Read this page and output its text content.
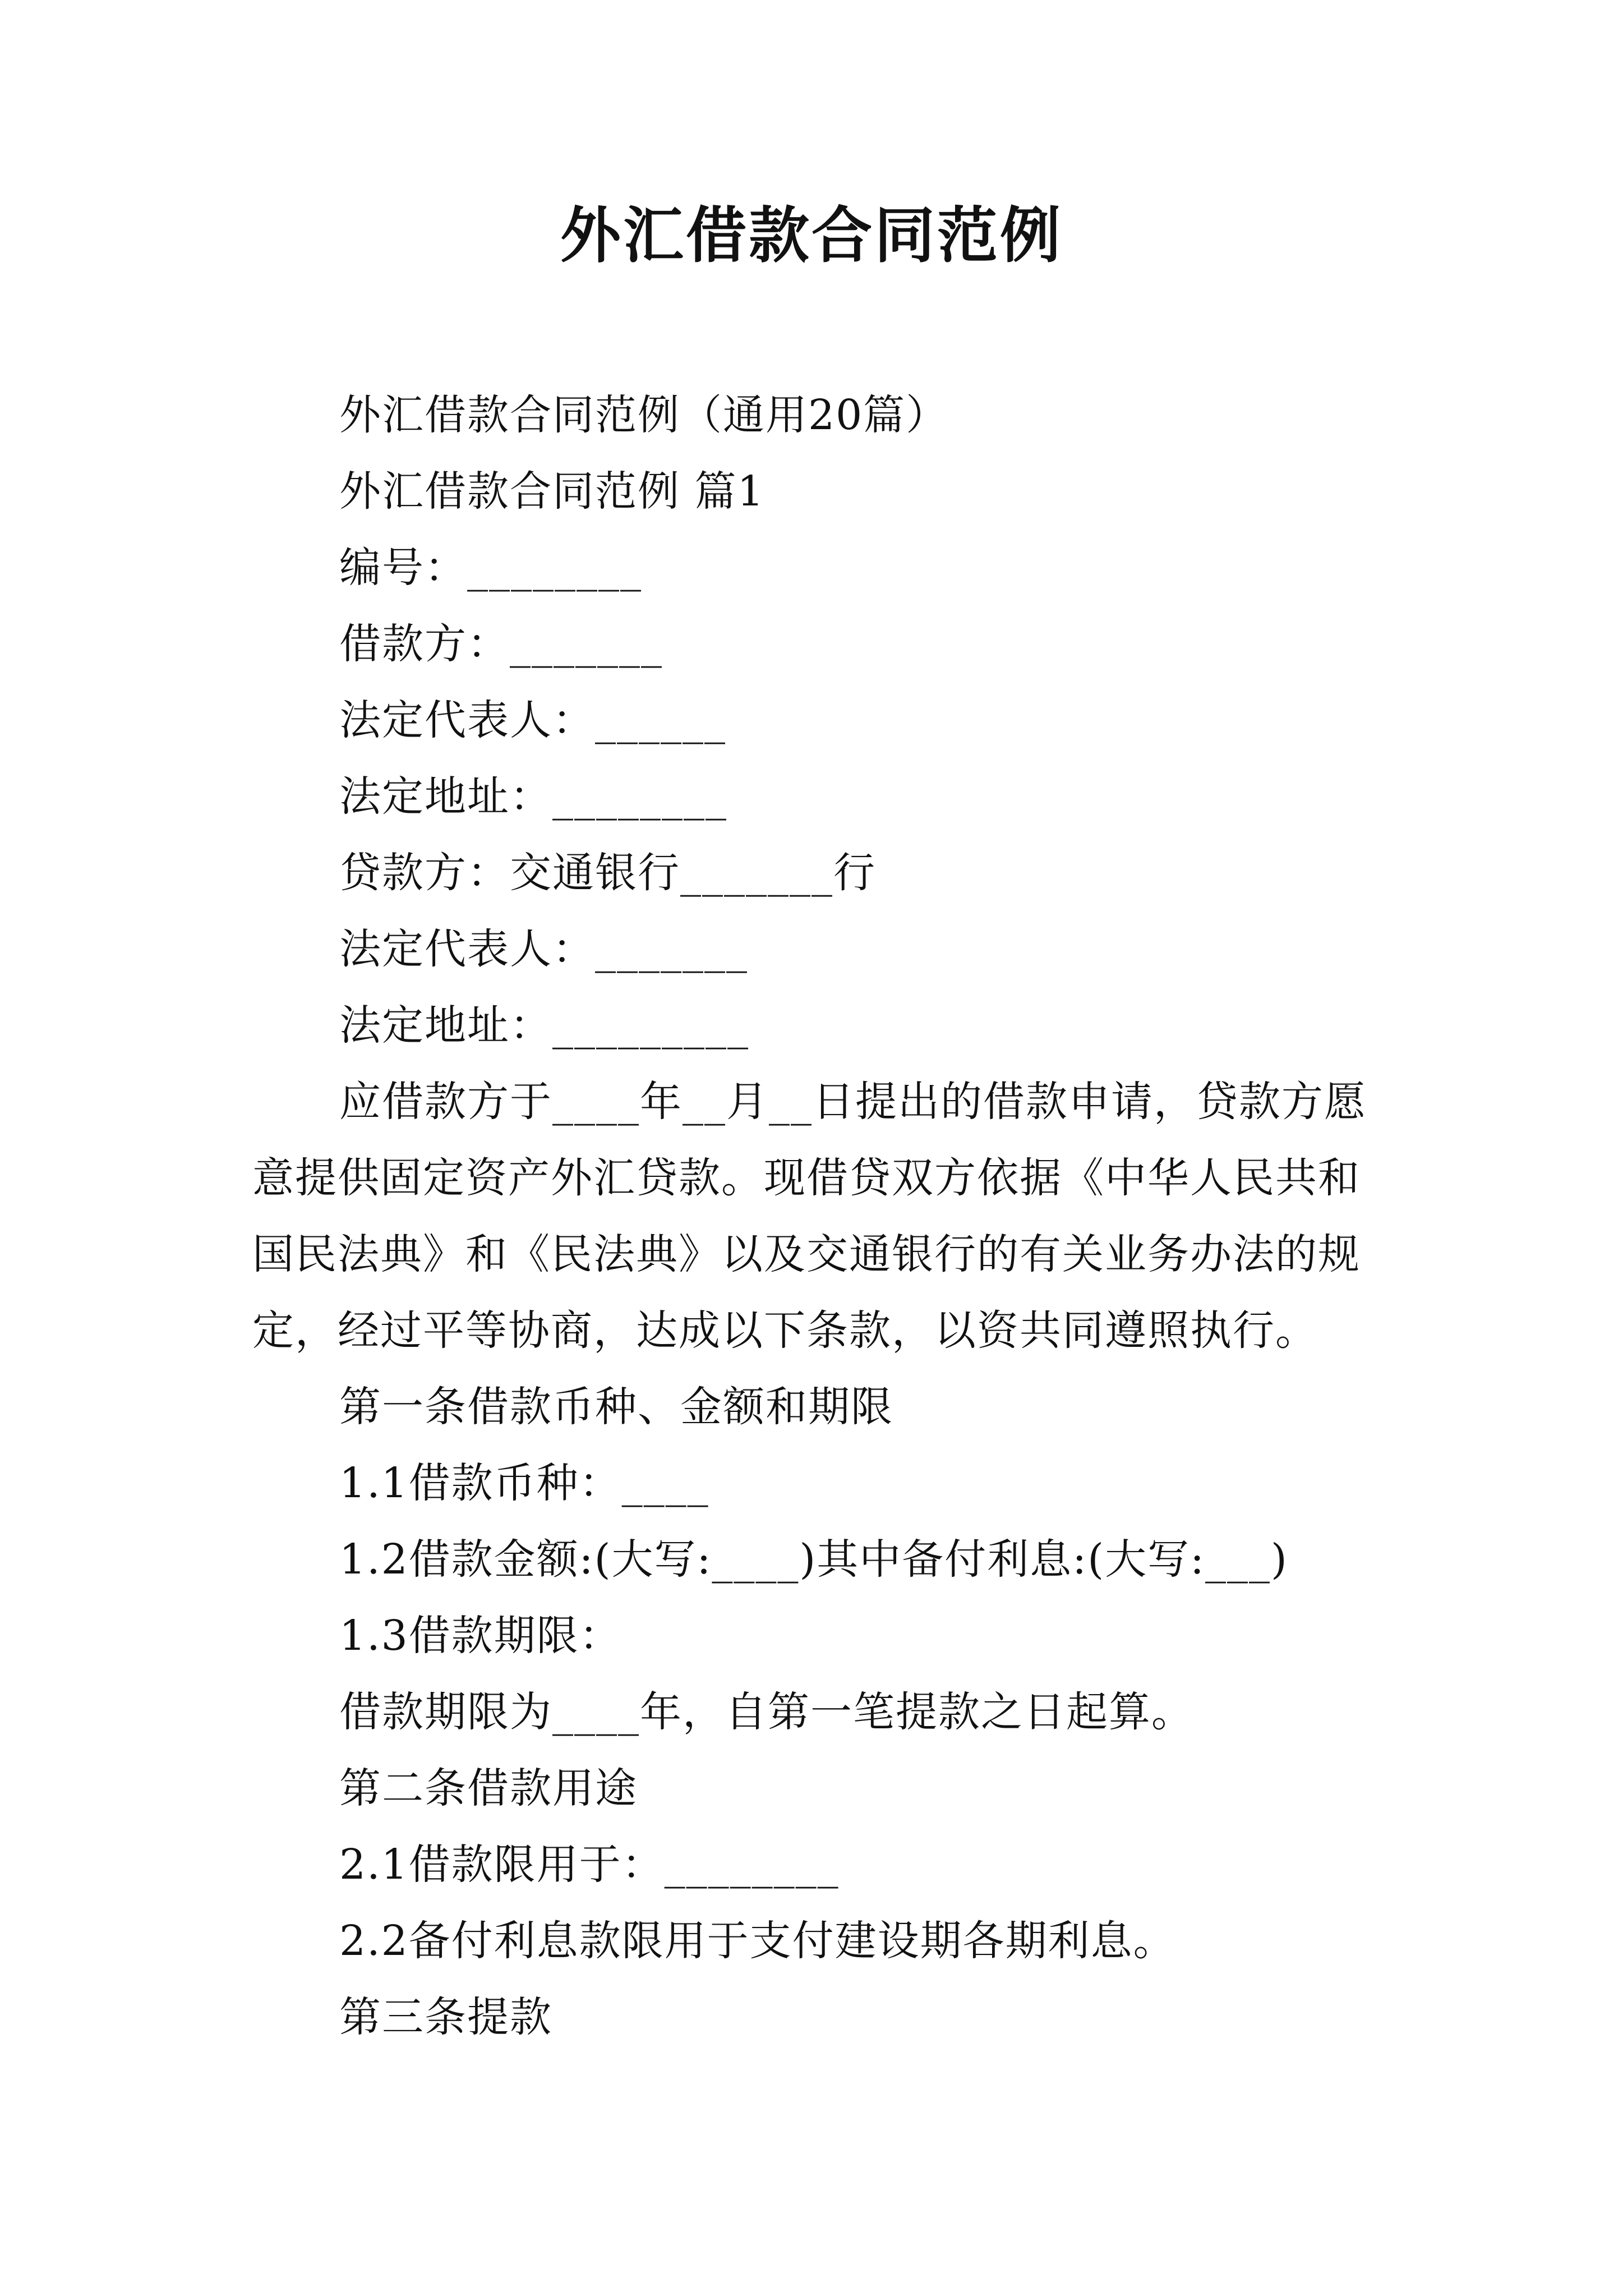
外汇借款合同范例
外汇借款合同范例（通用20篇）
外汇借款合同范例 篇1
编号：________
借款方：_______
法定代表人：______
法定地址：________
贷款方：交通银行_______行
法定代表人：_______
法定地址：_________

应借款方于____年__月__日提出的借款申请，贷款方愿意提供固定资产外汇贷款。现借贷双方依据《中华人民共和国民法典》和《民法典》以及交通银行的有关业务办法的规定，经过平等协商，达成以下条款，以资共同遵照执行。

第一条借款币种、金额和期限
1.1借款币种：____
1.2借款金额:(大写:____)其中备付利息:(大写:___)
1.3借款期限：
借款期限为____年，自第一笔提款之日起算。
第二条借款用途
2.1借款限用于：________
2.2备付利息款限用于支付建设期各期利息。
第三条提款
